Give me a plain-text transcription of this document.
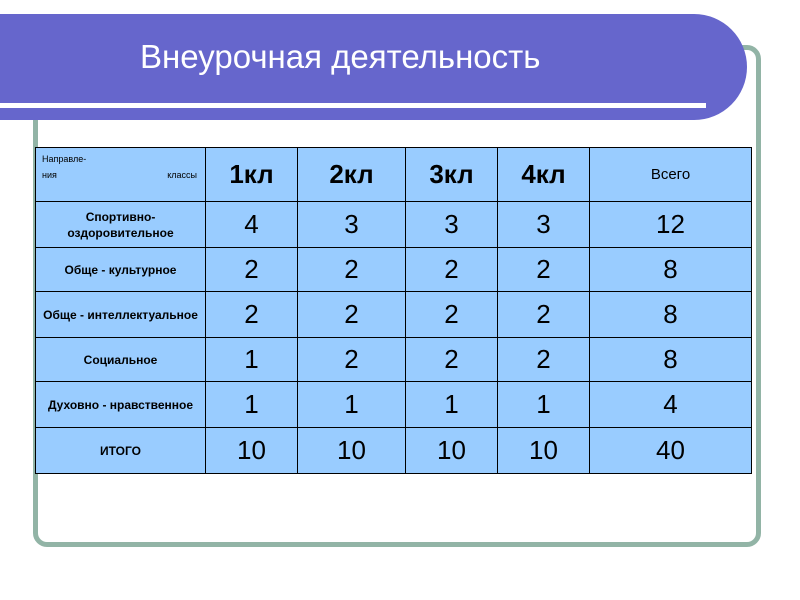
Внеурочная деятельность
Направле-
ния классы	1кл	2кл	3кл	4кл	Всего
Спортивно-оздоровительное	4	3	3	3	12
Обще - культурное	2	2	2	2	8
Обще - интеллектуальное	2	2	2	2	8
Социальное	1	2	2	2	8
Духовно - нравственное	1	1	1	1	4
ИТОГО	10	10	10	10	40
